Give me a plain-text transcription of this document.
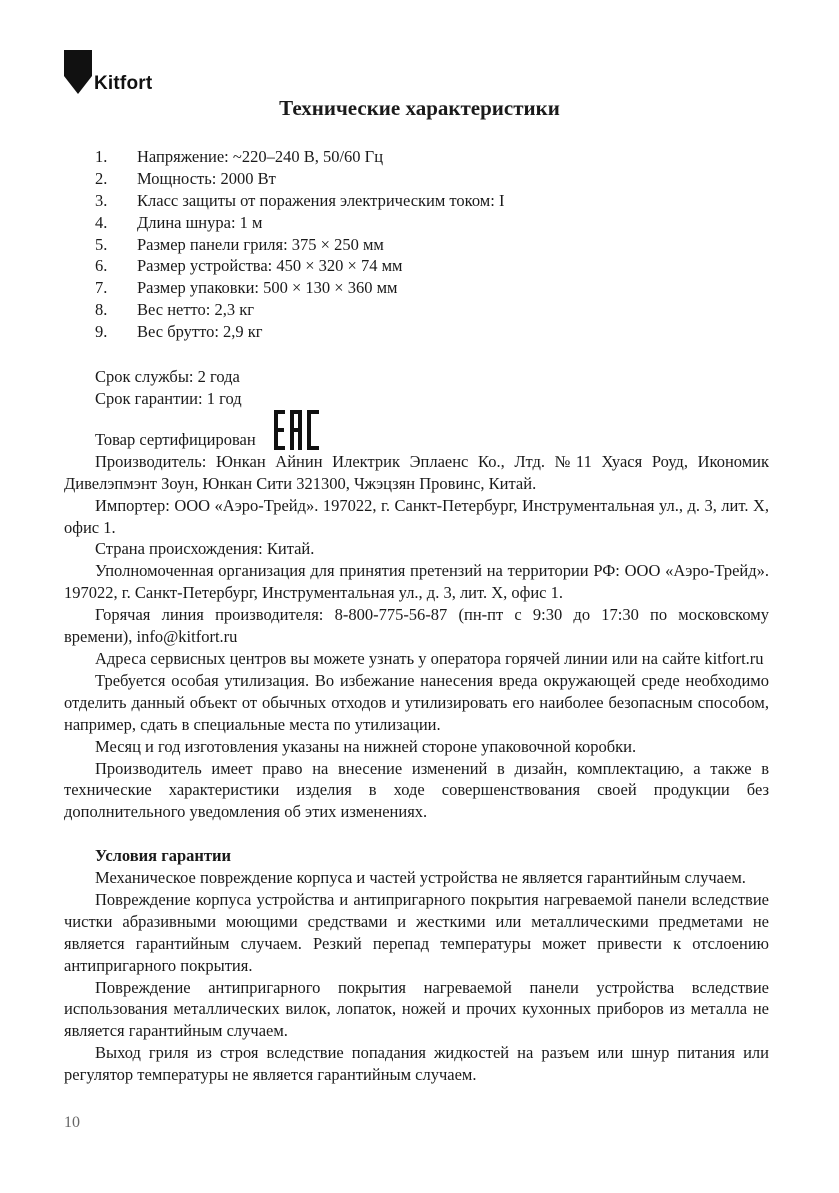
Kitfort
Технические характеристики
1. Напряжение: ~220–240 В, 50/60 Гц
2. Мощность: 2000 Вт
3. Класс защиты от поражения электрическим током: I
4. Длина шнура: 1 м
5. Размер панели гриля: 375 × 250 мм
6. Размер устройства: 450 × 320 × 74 мм
7. Размер упаковки: 500 × 130 × 360 мм
8. Вес нетто: 2,3 кг
9. Вес брутто: 2,9 кг

Срок службы: 2 года

Срок гарантии: 1 год

Товар сертифицирован

Производитель: Юнкан Айнин Илектрик Эплаенс Ко., Лтд. №11 Хуася Роуд, Икономик Дивелэпмэнт Зоун, Юнкан Сити 321300, Чжэцзян Провинс, Китай.

Импортер: ООО «Аэро-Трейд». 197022, г. Санкт-Петербург, Инструментальная ул., д. 3, лит. Х, офис 1.

Страна происхождения: Китай.

Уполномоченная организация для принятия претензий на территории РФ: ООО «Аэро-Трейд». 197022, г. Санкт-Петербург, Инструментальная ул., д. 3, лит. Х, офис 1.

Горячая линия производителя: 8-800-775-56-87 (пн-пт с 9:30 до 17:30 по московскому времени), info@kitfort.ru

Адреса сервисных центров вы можете узнать у оператора горячей линии или на сайте kitfort.ru

Требуется особая утилизация. Во избежание нанесения вреда окружающей среде необходимо отделить данный объект от обычных отходов и утилизировать его наиболее безопасным способом, например, сдать в специальные места по утилизации.

Месяц и год изготовления указаны на нижней стороне упаковочной коробки.

Производитель имеет право на внесение изменений в дизайн, комплектацию, а также в технические характеристики изделия в ходе совершенствования своей продукции без дополнительного уведомления об этих изменениях.

Условия гарантии

Механическое повреждение корпуса и частей устройства не является гарантийным случаем.

Повреждение корпуса устройства и антипригарного покрытия нагреваемой панели вследствие чистки абразивными моющими средствами и жесткими или металлическими предметами не является гарантийным случаем. Резкий перепад температуры может привести к отслоению антипригарного покрытия.

Повреждение антипригарного покрытия нагреваемой панели устройства вследствие использования металлических вилок, лопаток, ножей и прочих кухонных приборов из металла не является гарантийным случаем.

Выход гриля из строя вследствие попадания жидкостей на разъем или шнур питания или регулятор температуры не является гарантийным случаем.

10
